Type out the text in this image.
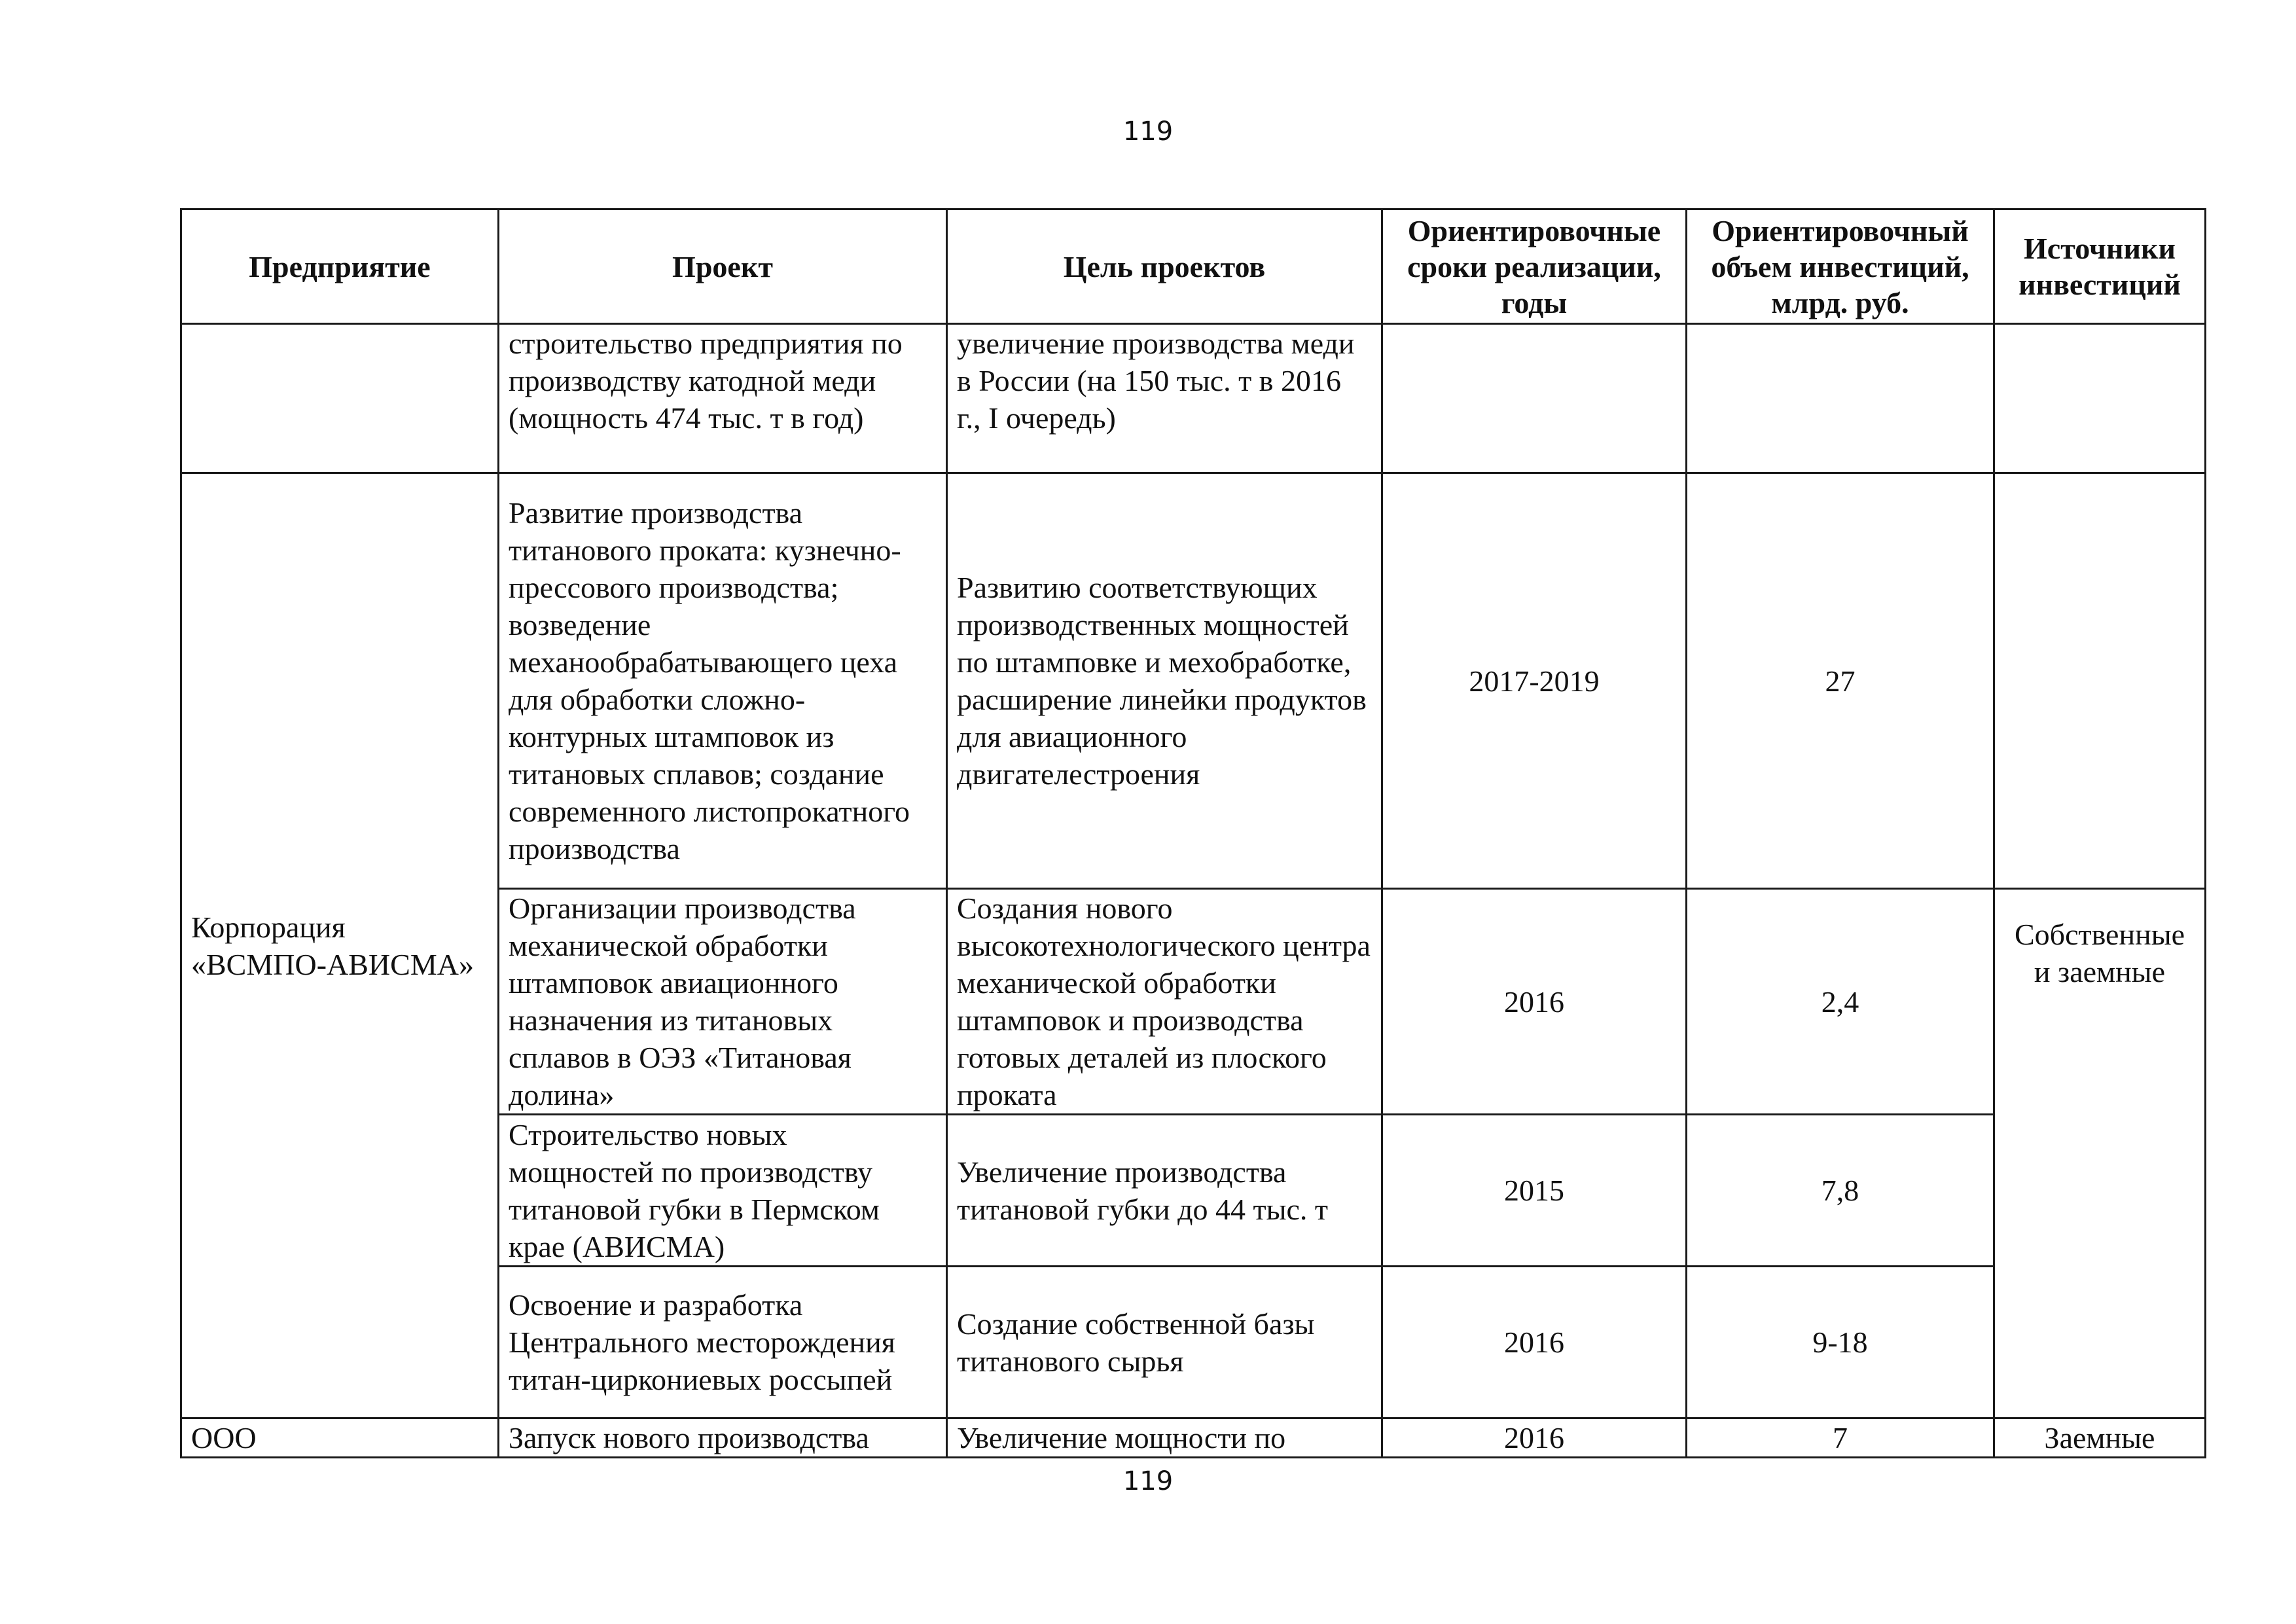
119
Предприятие	Проект	Цель проектов	Ориентировочные сроки реализации, годы	Ориентировочный объем инвестиций, млрд. руб.	Источники инвестиций
	строительство предприятия по производству катодной меди (мощность 474 тыс. т в год)	увеличение производства меди в России (на 150 тыс. т в 2016 г., I очередь)			
Корпорация «ВСМПО-АВИСМА»	Развитие производства титанового проката: кузнечно-прессового производства; возведение механообрабатывающего цеха для обработки сложно-контурных штамповок из титановых сплавов; создание современного листопрокатного производства	Развитию соответствующих производственных мощностей по штамповке и мехобработке, расширение линейки продуктов для авиационного двигателестроения	2017-2019	27	
	Организации производства механической обработки штамповок авиационного назначения из титановых сплавов в ОЭЗ «Титановая долина»	Создания нового высокотехнологического центра механической обработки штамповок и производства готовых деталей из плоского проката	2016	2,4	Собственные и заемные
	Строительство новых мощностей по производству титановой губки в Пермском крае (АВИСМА)	Увеличение производства титановой губки до 44 тыс. т	2015	7,8	
	Освоение и разработка Центрального месторождения титан-циркониевых россыпей	Создание собственной базы титанового сырья	2016	9-18	
ООО	Запуск нового производства	Увеличение мощности по	2016	7	Заемные
119
